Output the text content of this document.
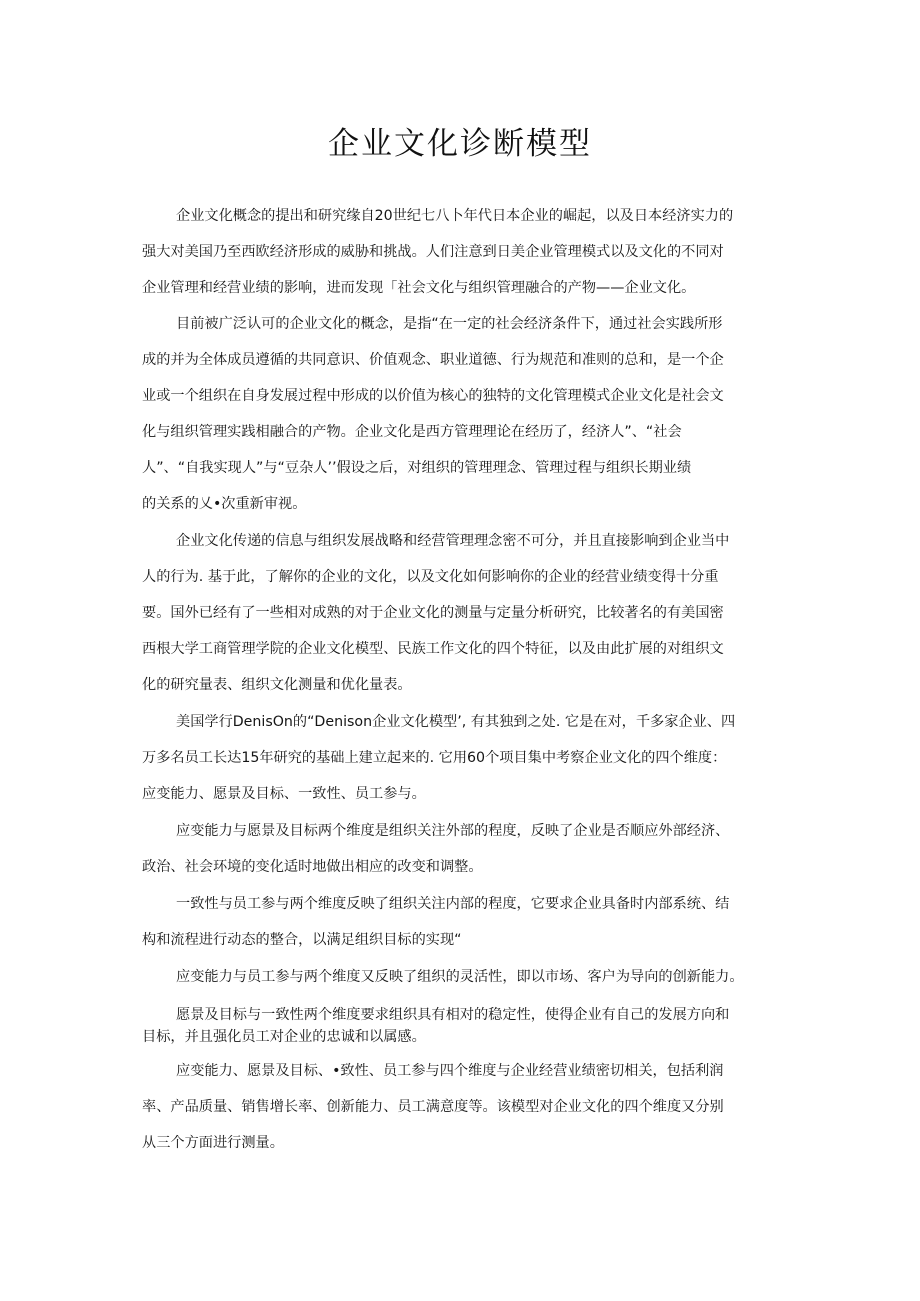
企业文化诊断模型
企业文化概念的提出和研究缘自20世纪七八卜年代日本企业的崛起，以及日本经济实力的
强大对美国乃至西欧经济形成的威胁和挑战。人们注意到日美企业管理模式以及文化的不同对
企业管理和经营业绩的影响，进而发现「社会文化与组织管理融合的产物——企业文化。
目前被广泛认可的企业文化的概念，是指“在一定的社会经济条件下，通过社会实践所形
成的并为全体成员遵循的共同意识、价值观念、职业道德、行为规范和准则的总和，是一个企
业或一个组织在自身发展过程中形成的以价值为核心的独特的文化管理模式企业文化是社会文
化与组织管理实践相融合的产物。企业文化是西方管理理论在经历了，经济人”、“社会
人”、“自我实现人”与“豆杂人’’假设之后，对组织的管理理念、管理过程与组织长期业绩
的关系的乂•次重新审视。
企业文化传递的信息与组织发展战略和经营管理理念密不可分，并且直接影响到企业当中
人的行为. 基于此，了解你的企业的文化，以及文化如何影响你的企业的经营业绩变得十分重
要。国外已经有了一些相对成熟的对于企业文化的测量与定量分析研究，比较著名的有美国密
西根大学工商管理学院的企业文化模型、民族工作文化的四个特征，以及由此扩展的对组织文
化的研究量表、组织文化测量和优化量表。
美国学行DenisOn的“Denison企业文化模型’, 有其独到之处. 它是在对，千多家企业、四
万多名员工长达15年研究的基础上建立起来的. 它用60个项目集中考察企业文化的四个维度：
应变能力、愿景及目标、一致性、员工参与。
应变能力与愿景及目标两个维度是组织关注外部的程度，反映了企业是否顺应外部经济、
政治、社会环境的变化适时地做出相应的改变和调整。
一致性与员工参与两个维度反映了组织关注内部的程度，它要求企业具备时内部系统、结
构和流程进行动态的整合，以满足组织目标的实现“
应变能力与员工参与两个维度又反映了组织的灵活性，即以市场、客户为导向的创新能力。
愿景及目标与一致性两个维度要求组织具有相对的稳定性，使得企业有自己的发展方向和
目标，并且强化员工对企业的忠诚和以属感。
应变能力、愿景及目标、•致性、员工参与四个维度与企业经营业绩密切相关，包括利润
率、产品质量、销售增长率、创新能力、员工满意度等。该模型对企业文化的四个维度又分别
从三个方面进行测量。
